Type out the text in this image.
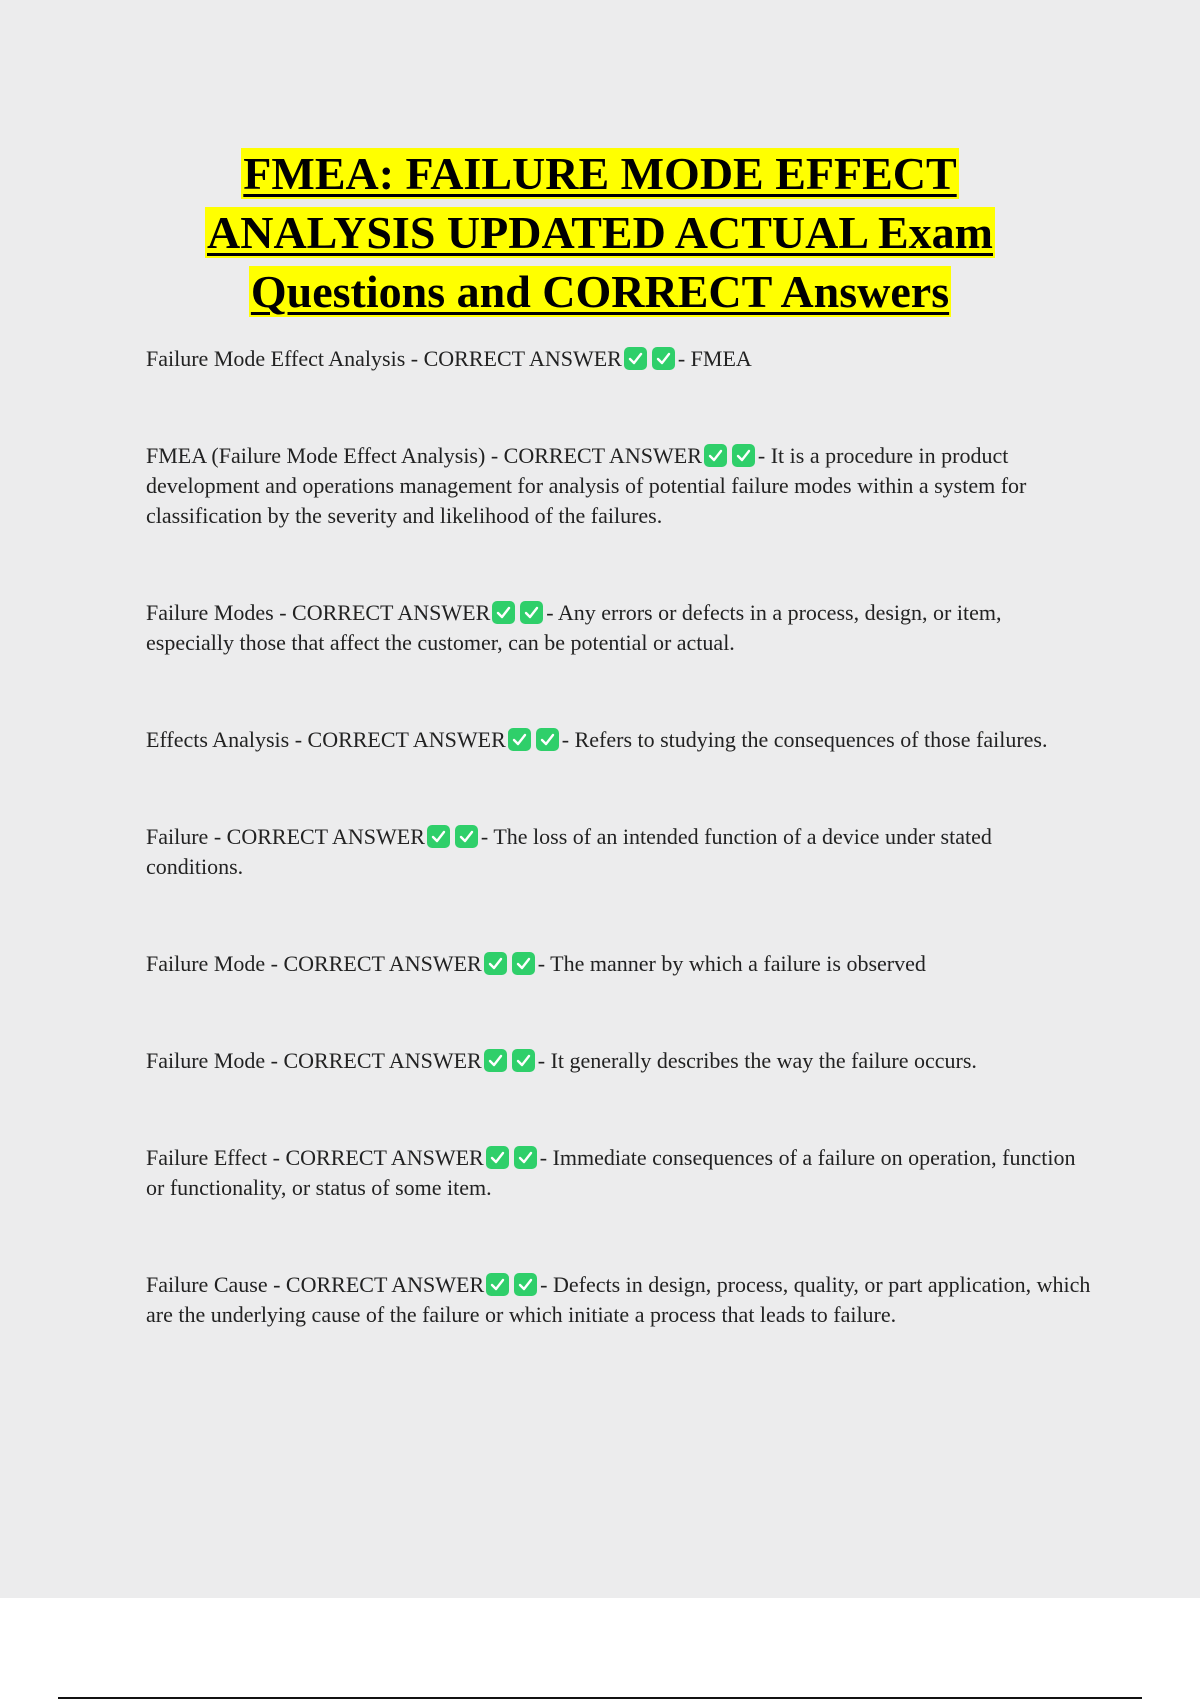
FMEA: FAILURE MODE EFFECT
ANALYSIS UPDATED ACTUAL Exam
Questions and CORRECT Answers

Failure Mode Effect Analysis - CORRECT ANSWER	- FMEA

FMEA (Failure Mode Effect Analysis) - CORRECT ANSWER	- It is a procedure in product development and operations management for analysis of potential failure modes within a system for classification by the severity and likelihood of the failures.

Failure Modes - CORRECT ANSWER	- Any errors or defects in a process, design, or item, especially those that affect the customer, can be potential or actual.

Effects Analysis - CORRECT ANSWER	- Refers to studying the consequences of those failures.

Failure - CORRECT ANSWER	- The loss of an intended function of a device under stated conditions.

Failure Mode - CORRECT ANSWER	- The manner by which a failure is observed

Failure Mode - CORRECT ANSWER	- It generally describes the way the failure occurs.

Failure Effect - CORRECT ANSWER	- Immediate consequences of a failure on operation, function or functionality, or status of some item.

Failure Cause - CORRECT ANSWER	- Defects in design, process, quality, or part application, which are the underlying cause of the failure or which initiate a process that leads to failure.
